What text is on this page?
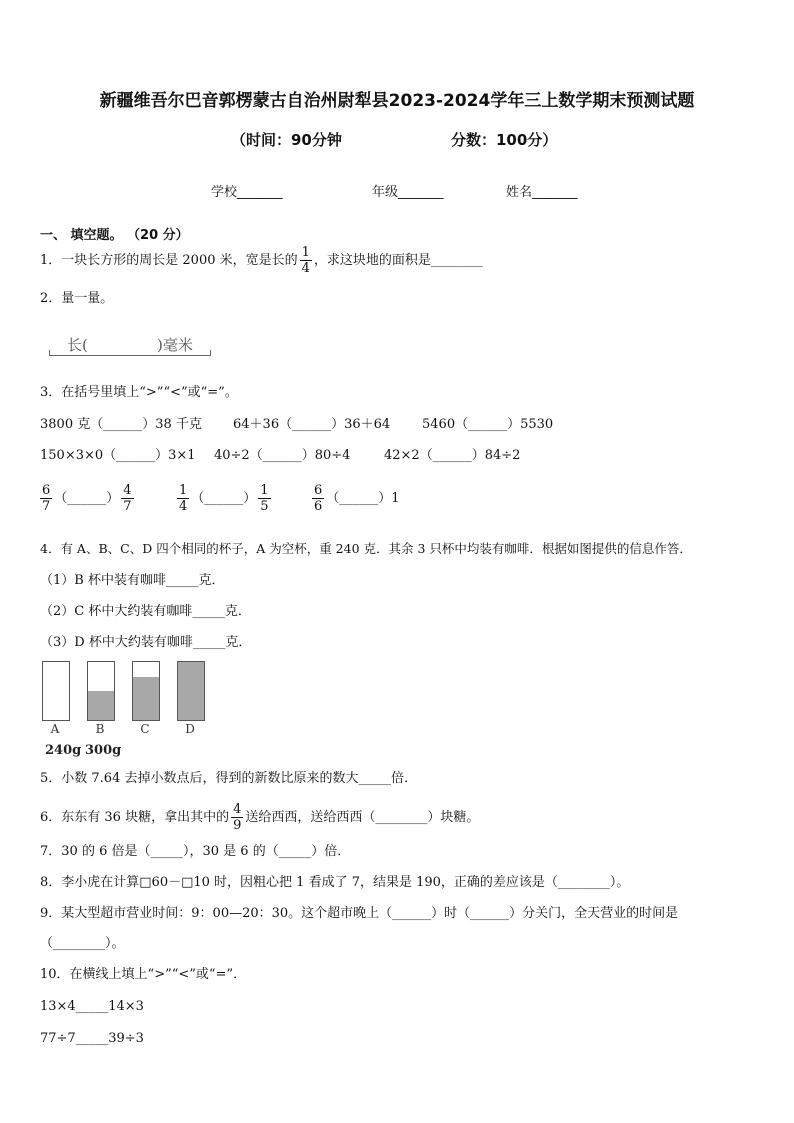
新疆维吾尔巴音郭楞蒙古自治州尉犁县2023-2024学年三上数学期末预测试题
（时间：90分钟	分数：100分）
学校_______	年级_______	姓名_______
一、 填空题。 （20 分）
1．一块长方形的周长是 2000 米，宽是长的 $\frac{1}{4}$ ，求这块地的面积是________
2．量一量。
长(	)毫米
3．在括号里填上“>”“<”或“=”。
3800 克（______）38 千克 64＋36（______）36＋64 5460（______）5530
150×3×0（______）3×1 40÷2（______）80÷4	42×2（______）84÷2
$\frac{6}{7}$ （______） $\frac{4}{7}$	$\frac{1}{4}$ （______） $\frac{1}{5}$	$\frac{6}{6}$ （______）1
4．有 A、B、C、D 四个相同的杯子，A 为空杯，重 240 克．其余 3 只杯中均装有咖啡．根据如图提供的信息作答．
（1）B 杯中装有咖啡_____克．
（2）C 杯中大约装有咖啡_____克．
（3）D 杯中大约装有咖啡_____克．
A	B	C	D
240g 300g
5．小数 7.64 去掉小数点后，得到的新数比原来的数大_____倍．
6．东东有 36 块糖，拿出其中的 $\frac{4}{9}$ 送给西西，送给西西（________）块糖。
7．30 的 6 倍是（_____），30 是 6 的（_____）倍．
8．李小虎在计算□60－□10 时，因粗心把 1 看成了 7，结果是 190，正确的差应该是（________）。
9．某大型超市营业时间：9：00—20：30。这个超市晚上（______）时（______）分关门，全天营业的时间是
（________）。
10．在横线上填上“>”“<”或“=”．
13×4_____14×3
77÷7_____39÷3
